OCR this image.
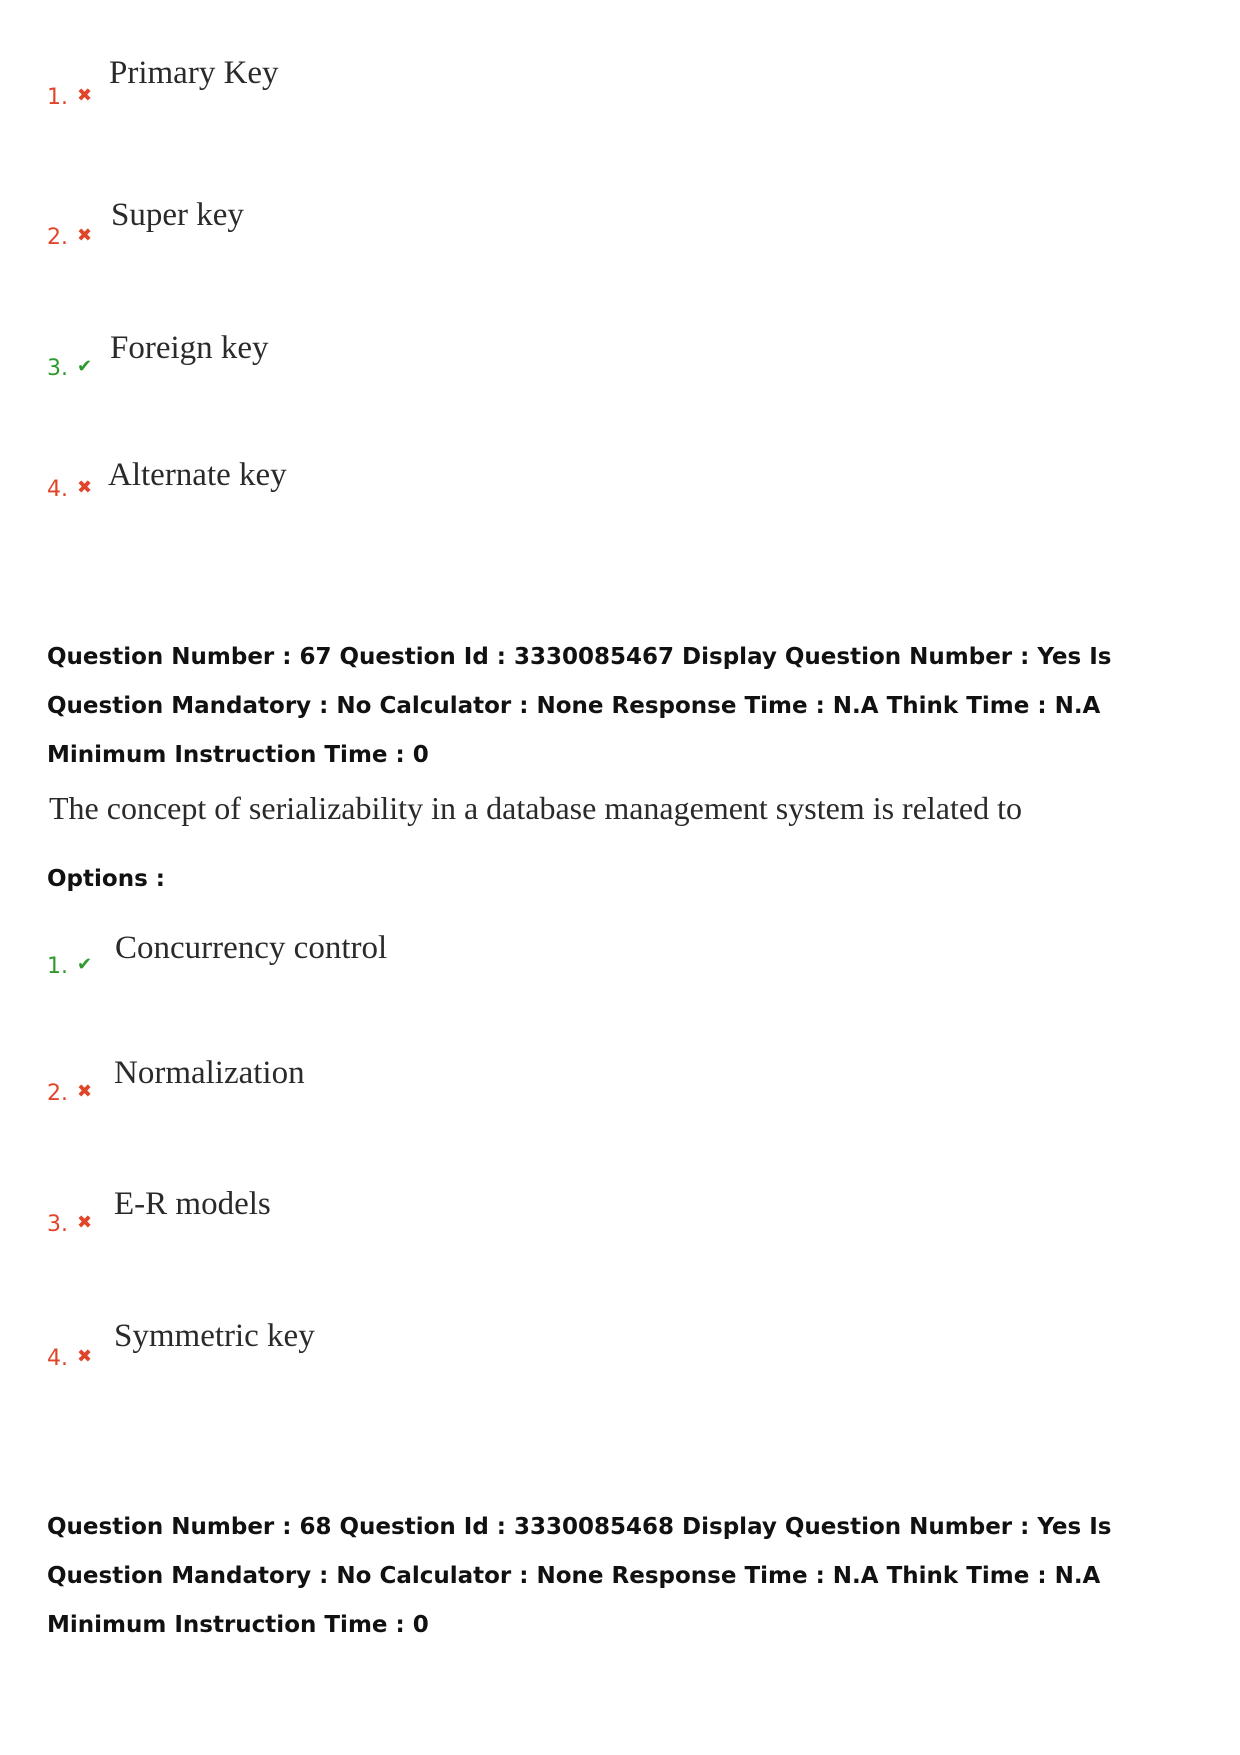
1. ✖
Primary Key
2. ✖
Super key
3. ✔
Foreign key
4. ✖ Alternate key
Question Number : 67 Question Id : 3330085467 Display Question Number : Yes Is Question Mandatory : No Calculator : None Response Time : N.A Think Time : N.A Minimum Instruction Time : 0
The concept of serializability in a database management system is related to
Options :
1. ✔ Concurrency control
2. ✖
Normalization
3. ✖
E-R models
4. ✖
Symmetric key
Question Number : 68 Question Id : 3330085468 Display Question Number : Yes Is Question Mandatory : No Calculator : None Response Time : N.A Think Time : N.A Minimum Instruction Time : 0
